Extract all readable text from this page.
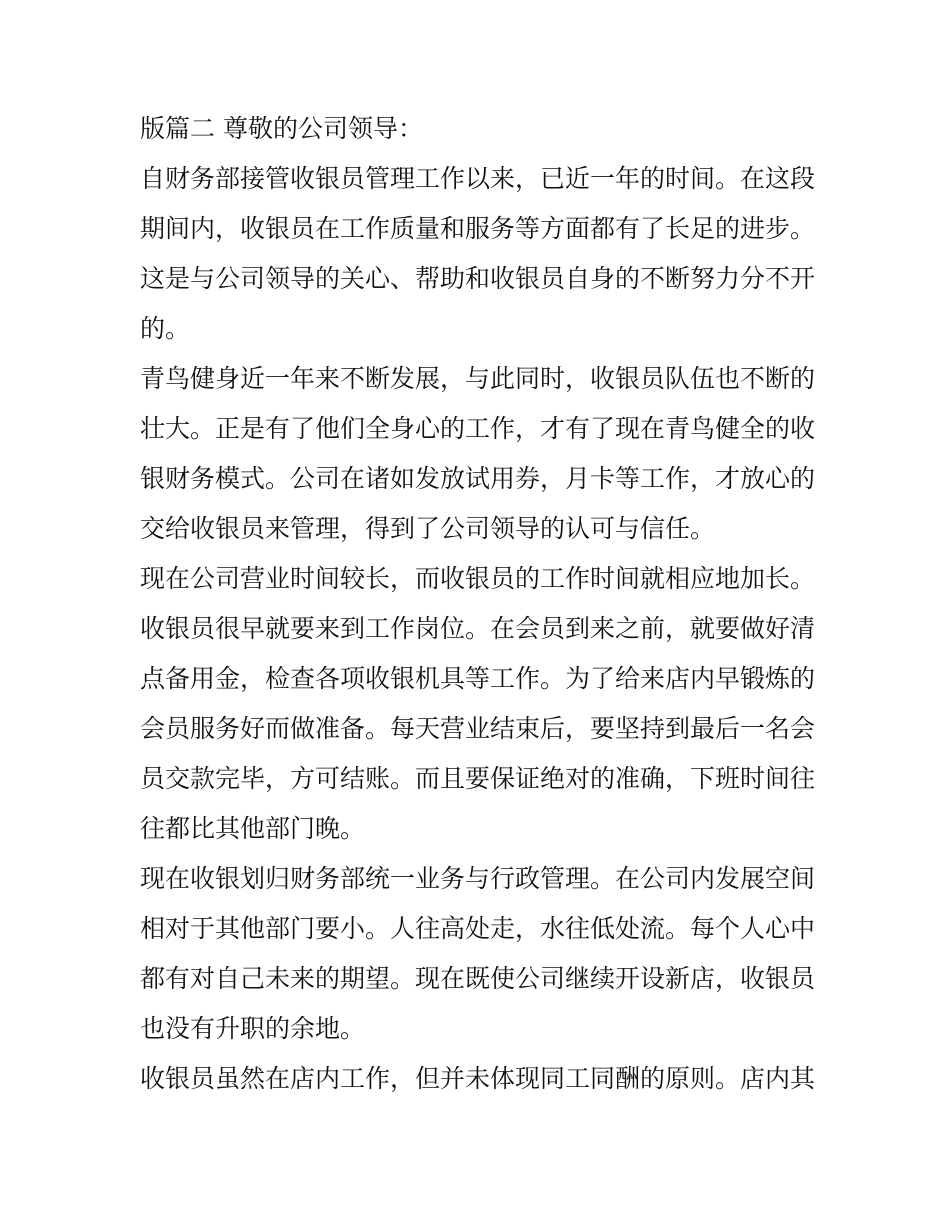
版篇二 尊敬的公司领导：
自财务部接管收银员管理工作以来，已近一年的时间。在这段
期间内，收银员在工作质量和服务等方面都有了长足的进步。
这是与公司领导的关心、帮助和收银员自身的不断努力分不开
的。
青鸟健身近一年来不断发展，与此同时，收银员队伍也不断的
壮大。正是有了他们全身心的工作，才有了现在青鸟健全的收
银财务模式。公司在诸如发放试用券，月卡等工作，才放心的
交给收银员来管理，得到了公司领导的认可与信任。
现在公司营业时间较长，而收银员的工作时间就相应地加长。
收银员很早就要来到工作岗位。在会员到来之前，就要做好清
点备用金，检查各项收银机具等工作。为了给来店内早锻炼的
会员服务好而做准备。每天营业结束后，要坚持到最后一名会
员交款完毕，方可结账。而且要保证绝对的准确，下班时间往
往都比其他部门晚。
现在收银划归财务部统一业务与行政管理。在公司内发展空间
相对于其他部门要小。人往高处走，水往低处流。每个人心中
都有对自己未来的期望。现在既使公司继续开设新店，收银员
也没有升职的余地。
收银员虽然在店内工作，但并未体现同工同酬的原则。店内其
